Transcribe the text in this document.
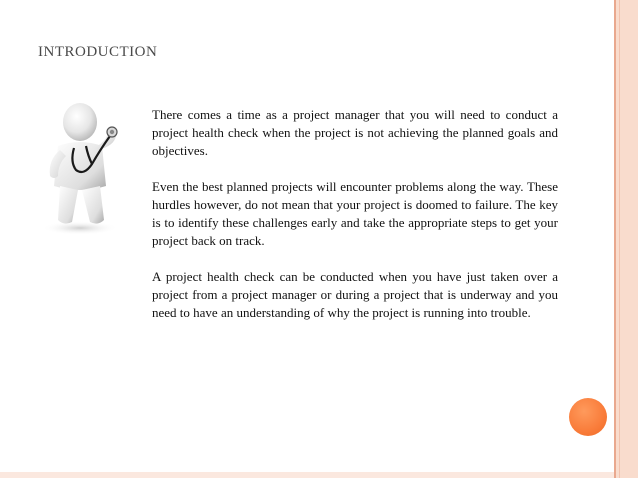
INTRODUCTION

There comes a time as a project manager that you will need to conduct a project health check when the project is not achieving the planned goals and objectives.

Even the best planned projects will encounter problems along the way. These hurdles however, do not mean that your project is doomed to failure. The key is to identify these challenges early and take the appropriate steps to get your project back on track.

A project health check can be conducted when you have just taken over a project from a project manager or during a project that is underway and you need to have an understanding of why the project is running into trouble.
